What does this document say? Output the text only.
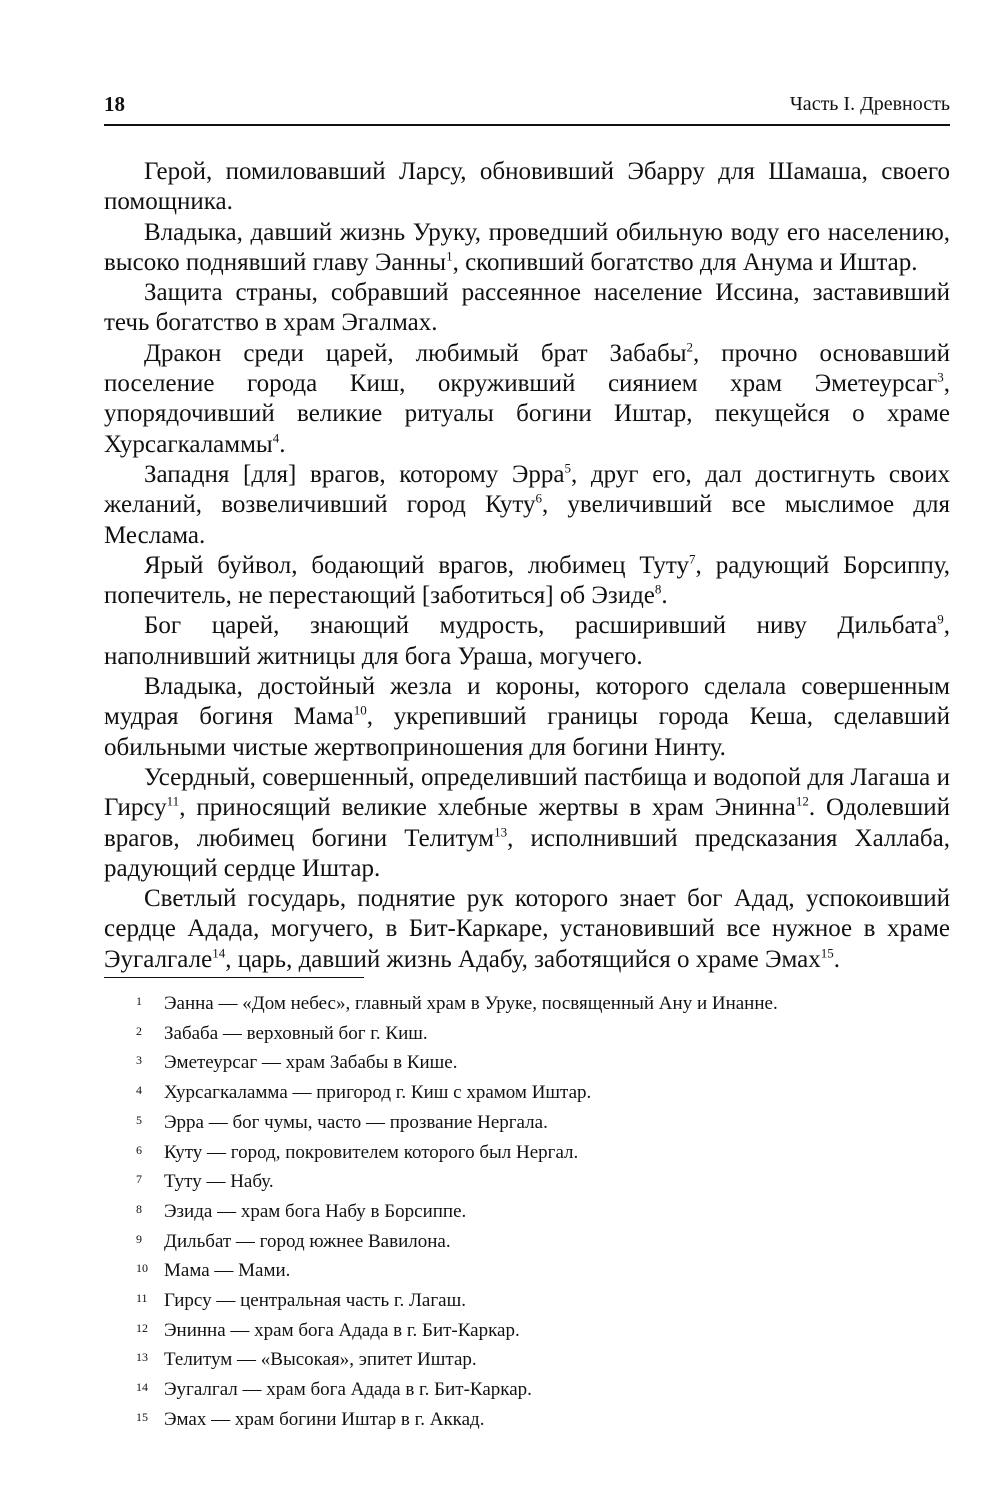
18	Часть I. Древность

Герой, помиловавший Ларсу, обновивший Эбарру для Шамаша, своего помощника.

Владыка, давший жизнь Уруку, проведший обильную воду его населению, высоко поднявший главу Эанны$^1$, скопивший богатство для Анума и Иштар.

Защита страны, собравший рассеянное население Иссина, заставивший течь богатство в храм Эгалмах.

Дракон среди царей, любимый брат Забабы$^2$, прочно основавший поселение города Киш, окруживший сиянием храм Эметеурсаг$^3$, упорядочивший великие ритуалы богини Иштар, пекущейся о храме Хурсагкаламмы$^4$.

Западня [для] врагов, которому Эрра$^5$, друг его, дал достигнуть своих желаний, возвеличивший город Куту$^6$, увеличивший все мыслимое для Меслама.

Ярый буйвол, бодающий врагов, любимец Туту$^7$, радующий Борсиппу, попечитель, не перестающий [заботиться] об Эзиде$^8$.

Бог царей, знающий мудрость, расширивший ниву Дильбата$^9$, наполнивший житницы для бога Ураша, могучего.

Владыка, достойный жезла и короны, которого сделала совершенным мудрая богиня Мама$^{10}$, укрепивший границы города Кеша, сделавший обильными чистые жертвоприношения для богини Нинту.

Усердный, совершенный, определивший пастбища и водопой для Лагаша и Гирсу$^{11}$, приносящий великие хлебные жертвы в храм Энинна$^{12}$. Одолевший врагов, любимец богини Телитум$^{13}$, исполнивший предсказания Халлаба, радующий сердце Иштар.

Светлый государь, поднятие рук которого знает бог Адад, успокоивший сердце Адада, могучего, в Бит-Каркаре, установивший все нужное в храме Эугалгале$^{14}$, царь, давший жизнь Адабу, заботящийся о храме Эмах$^{15}$.

1 Эанна — «Дом небес», главный храм в Уруке, посвященный Ану и Инанне.
2 Забаба — верховный бог г. Киш.
3 Эметеурсаг — храм Забабы в Кише.
4 Хурсагкаламма — пригород г. Киш с храмом Иштар.
5 Эрра — бог чумы, часто — прозвание Нергала.
6 Куту — город, покровителем которого был Нергал.
7 Туту — Набу.
8 Эзида — храм бога Набу в Борсиппе.
9 Дильбат — город южнее Вавилона.
10 Мама — Мами.
11 Гирсу — центральная часть г. Лагаш.
12 Энинна — храм бога Адада в г. Бит-Каркар.
13 Телитум — «Высокая», эпитет Иштар.
14 Эугалгал — храм бога Адада в г. Бит-Каркар.
15 Эмах — храм богини Иштар в г. Аккад.
